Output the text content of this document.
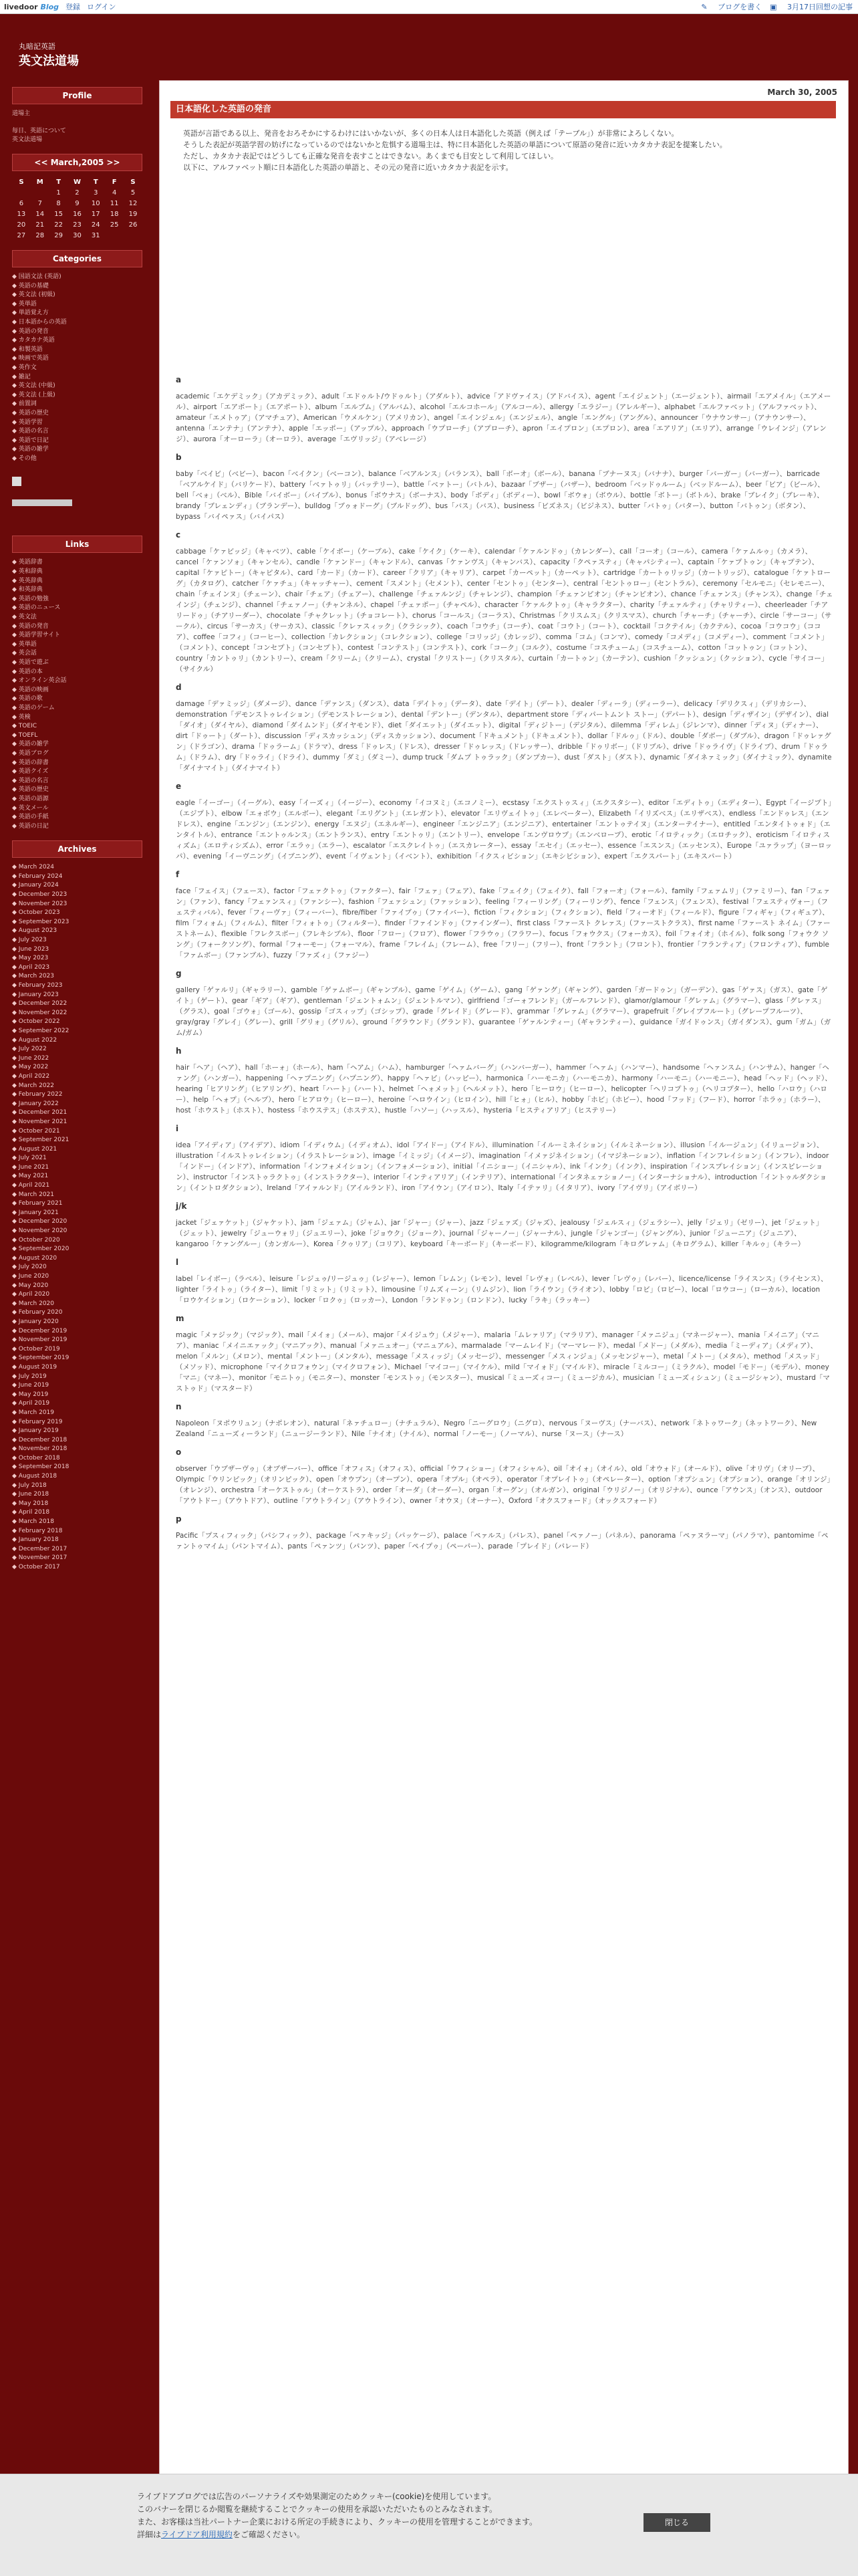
livedoor Blog 登録 ログイン	✎ ブログを書く ▣ 3月17日回想の記事
丸暗記英語
英文法道場
Profile
道場主
毎日、英語について
英文法道場
<< March,2005 >>
S	M	T	W	T	F	S
		1	2	3	4	5
6	7	8	9	10	11	12
13	14	15	16	17	18	19
20	21	22	23	24	25	26
27	28	29	30	31		
Categories
◆ 国語文法 (英語)
◆ 英語の基礎
◆ 英文法 (初級)
◆ 英単語
◆ 単語覚え方
◆ 日本語からの英語
◆ 英語の発音
◆ カタカナ英語
◆ 和製英語
◆ 映画で英語
◆ 英作文
◆ 雑記
◆ 英文法 (中級)
◆ 英文法 (上級)
◆ 前置詞
◆ 英語の歴史
◆ 英語学習
◆ 英語の名言
◆ 英語で日記
◆ 英語の雑学
◆ その他
Links
◆ 英語辞書
◆ 英和辞典
◆ 英英辞典
◆ 和英辞典
◆ 英語の勉強
◆ 英語のニュース
◆ 英文法
◆ 英語の発音
◆ 英語学習サイト
◆ 英単語
◆ 英会話
◆ 英語で遊ぶ
◆ 英語の本
◆ オンライン英会話
◆ 英語の映画
◆ 英語の歌
◆ 英語のゲーム
◆ 英検
◆ TOEIC
◆ TOEFL
◆ 英語の雑学
◆ 英語ブログ
◆ 英語の辞書
◆ 英語クイズ
◆ 英語の名言
◆ 英語の歴史
◆ 英語の語源
◆ 英文メール
◆ 英語の手紙
◆ 英語の日記
Archives
◆ March 2024
◆ February 2024
◆ January 2024
◆ December 2023
◆ November 2023
◆ October 2023
◆ September 2023
◆ August 2023
◆ July 2023
◆ June 2023
◆ May 2023
◆ April 2023
◆ March 2023
◆ February 2023
◆ January 2023
◆ December 2022
◆ November 2022
◆ October 2022
◆ September 2022
◆ August 2022
◆ July 2022
◆ June 2022
◆ May 2022
◆ April 2022
◆ March 2022
◆ February 2022
◆ January 2022
◆ December 2021
◆ November 2021
◆ October 2021
◆ September 2021
◆ August 2021
◆ July 2021
◆ June 2021
◆ May 2021
◆ April 2021
◆ March 2021
◆ February 2021
◆ January 2021
◆ December 2020
◆ November 2020
◆ October 2020
◆ September 2020
◆ August 2020
◆ July 2020
◆ June 2020
◆ May 2020
◆ April 2020
◆ March 2020
◆ February 2020
◆ January 2020
◆ December 2019
◆ November 2019
◆ October 2019
◆ September 2019
◆ August 2019
◆ July 2019
◆ June 2019
◆ May 2019
◆ April 2019
◆ March 2019
◆ February 2019
◆ January 2019
◆ December 2018
◆ November 2018
◆ October 2018
◆ September 2018
◆ August 2018
◆ July 2018
◆ June 2018
◆ May 2018
◆ April 2018
◆ March 2018
◆ February 2018
◆ January 2018
◆ December 2017
◆ November 2017
◆ October 2017
March 30, 2005
日本語化した英語の発音

英語が言語である以上、発音をおろそかにするわけにはいかないが、多くの日本人は日本語化した英語（例えば「テーブル」）が非常によろしくない。

そうした表記が英語学習の妨げになっているのではないかと危惧する道場主は、特に日本語化した英語の単語について原語の発音に近いカタカナ表記を提案したい。

ただし、カタカナ表記ではどうしても正確な発音を表すことはできない。あくまでも目安として利用してほしい。

以下に、アルファベット順に日本語化した英語の単語と、その元の発音に近いカタカナ表記を示す。

a
academic「エケデミック」（アカデミック）、adult「エドゥルト/ウドゥルト」（アダルト）、advice「アドヴァイス」（アドバイス）、agent「エイジェント」（エージェント）、airmail「エアメイル」（エアメール）、airport「エアポート」（エアポート）、album「エルブム」（アルバム）、alcohol「エルコホール」（アルコール）、allergy「エラジー」（アレルギー）、alphabet「エルファベット」（アルファベット）、amateur「エメトゥア」（アマチュア）、American「ウメルケン」（アメリカン）、angel「エインジェル」（エンジェル）、angle「エングル」（アングル）、announcer「ウナウンサー」（アナウンサー）、antenna「エンテナ」（アンテナ）、apple「エッポー」（アップル）、approach「ウプローチ」（アプローチ）、apron「エイプロン」（エプロン）、area「エアリア」（エリア）、arrange「ウレインジ」（アレンジ）、aurora「オーローラ」（オーロラ）、average「エヴリッジ」（アベレージ）
b
baby「ベイビ」（ベビー）、bacon「ベイクン」（ベーコン）、balance「ベアルンス」（バランス）、ball「ボーオ」（ボール）、banana「ブナーヌス」（バナナ）、burger「バーガー」（バーガー）、barricade「ベアルケイド」（バリケード）、battery「ベァトゥリ」（バッテリー）、battle「ベァトー」（バトル）、bazaar「ブザー」（バザー）、bedroom「ベッドゥルーム」（ベッドルーム）、beer「ビア」（ビール）、bell「ベォ」（ベル）、Bible「バイボー」（バイブル）、bonus「ボウナス」（ボーナス）、body「ボディ」（ボディー）、bowl「ボウォ」（ボウル）、bottle「ボトー」（ボトル）、brake「ブレイク」（ブレーキ）、brandy「ブレェンディ」（ブランデー）、bulldog「ブゥォドーグ」（ブルドッグ）、bus「バス」（バス）、business「ビズネス」（ビジネス）、butter「バトゥ」（バター）、button「バトゥン」（ボタン）、bypass「バイペァス」（バイパス）
c
cabbage「ケァビッジ」（キャベツ）、cable「ケイボー」（ケーブル）、cake「ケイク」（ケーキ）、calendar「ケァルンドゥ」（カレンダー）、call「コーオ」（コール）、camera「ケァムルゥ」（カメラ）、cancel「ケァンソォ」（キャンセル）、candle「ケァンドー」（キャンドル）、canvas「ケァンヴス」（キャンバス）、capacity「クペァスティ」（キャパシティー）、captain「ケァプトゥン」（キャプテン）、capital「ケァピトー」（キャピタル）、card「カード」（カード）、career「クリア」（キャリア）、carpet「カーペット」（カーペット）、cartridge「カートゥリッジ」（カートリッジ）、catalogue「ケァトローグ」（カタログ）、catcher「ケァチュ」（キャッチャー）、cement「スメント」（セメント）、center「セントゥ」（センター）、central「セントゥロー」（セントラル）、ceremony「セルモニ」（セレモニー）、chain「チェインヌ」（チェーン）、chair「チェア」（チェアー）、challenge「チェァルンジ」（チャレンジ）、champion「チェァンピオン」（チャンピオン）、chance「チェァンス」（チャンス）、change「チェインジ」（チェンジ）、channel「チェァノー」（チャンネル）、chapel「チェァポー」（チャペル）、character「ケァルクトゥ」（キャラクター）、charity「チェァルティ」（チャリティー）、cheerleader「チアリードゥ」（チアリーダー）、chocolate「チャクレット」（チョコレート）、chorus「コールス」（コーラス）、Christmas「クリスムス」（クリスマス）、church「チャーチ」（チャーチ）、circle「サーコー」（サークル）、circus「サーカス」（サーカス）、classic「クレァスィック」（クラシック）、coach「コウチ」（コーチ）、coat「コウト」（コート）、cocktail「コクテイル」（カクテル）、cocoa「コウコウ」（ココア）、coffee「コフィ」（コーヒー）、collection「カレクション」（コレクション）、college「コリッジ」（カレッジ）、comma「コム」（コンマ）、comedy「コメディ」（コメディー）、comment「コメント」（コメント）、concept「コンセプト」（コンセプト）、contest「コンテスト」（コンテスト）、cork「コーク」（コルク）、costume「コスチューム」（コスチューム）、cotton「コットゥン」（コットン）、country「カントゥリ」（カントリー）、cream「クリーム」（クリーム）、crystal「クリストー」（クリスタル）、curtain「カートゥン」（カーテン）、cushion「クッシュン」（クッション）、cycle「サイコー」（サイクル）
d
damage「デァミッジ」（ダメージ）、dance「デァンス」（ダンス）、data「デイトゥ」（データ）、date「デイト」（デート）、dealer「ディーラ」（ディーラー）、delicacy「デリクスィ」（デリカシー）、demonstration「デモンストゥレイション」（デモンストレーション）、dental「デントー」（デンタル）、department store「ディパートムント ストー」（デパート）、design「ディザイン」（デザイン）、dial「ダイオ」（ダイヤル）、diamond「ダイムンド」（ダイヤモンド）、diet「ダイエット」（ダイエット）、digital「ディジトー」（デジタル）、dilemma「ディレム」（ジレンマ）、dinner「ディヌ」（ディナー）、dirt「ドゥート」（ダート）、discussion「ディスカッシュン」（ディスカッション）、document「ドキュメント」（ドキュメント）、dollar「ドルゥ」（ドル）、double「ダボー」（ダブル）、dragon「ドゥレァグン」（ドラゴン）、drama「ドゥラーム」（ドラマ）、dress「ドゥレス」（ドレス）、dresser「ドゥレッス」（ドレッサー）、dribble「ドゥリボー」（ドリブル）、drive「ドゥライヴ」（ドライブ）、drum「ドゥラム」（ドラム）、dry「ドゥライ」（ドライ）、dummy「ダミ」（ダミー）、dump truck「ダムプ トゥラック」（ダンプカー）、dust「ダスト」（ダスト）、dynamic「ダイネァミック」（ダイナミック）、dynamite「ダイナマイト」（ダイナマイト）
e
eagle「イーゴー」（イーグル）、easy「イーズィ」（イージー）、economy「イコヌミ」（エコノミー）、ecstasy「エクストゥスィ」（エクスタシー）、editor「エディトゥ」（エディター）、Egypt「イージプト」（エジプト）、elbow「エォボウ」（エルボー）、elegant「エリグント」（エレガント）、elevator「エリヴェイトゥ」（エレベーター）、Elizabeth「イリズベス」（エリザベス）、endless「エンドゥレス」（エンドレス）、engine「エンジン」（エンジン）、energy「エヌジ」（エネルギー）、engineer「エンジニア」（エンジニア）、entertainer「エントゥテイヌ」（エンターテイナー）、entitled「エンタイトゥォド」（エンタイトル）、entrance「エントゥルンス」（エントランス）、entry「エントゥリ」（エントリー）、envelope「エンヴロウプ」（エンベロープ）、erotic「イロティック」（エロチック）、eroticism「イロティスィズム」（エロティシズム）、error「エラゥ」（エラー）、escalator「エスクレイトゥ」（エスカレーター）、essay「エセイ」（エッセー）、essence「エスンス」（エッセンス）、Europe「ユァラップ」（ヨーロッパ）、evening「イーヴニング」（イブニング）、event「イヴェント」（イベント）、exhibition「イクスィビション」（エキシビション）、expert「エクスパート」（エキスパート）
f
face「フェイス」（フェース）、factor「フェァクトゥ」（ファクター）、fair「フェァ」（フェア）、fake「フェイク」（フェイク）、fall「フォーオ」（フォール）、family「フェァムリ」（ファミリー）、fan「フェァン」（ファン）、fancy「フェァンスィ」（ファンシー）、fashion「フェァシュン」（ファッション）、feeling「フィーリング」（フィーリング）、fence「フェンス」（フェンス）、festival「フェスティヴォー」（フェスティバル）、fever「フィーヴァ」（フィーバー）、fibre/fiber「ファイブゥ」（ファイバー）、fiction「フィクション」（フィクション）、field「フィーオド」（フィールド）、figure「フィギャ」（フィギュア）、film「フィォム」（フィルム）、filter「フィォトゥ」（フィルター）、finder「ファインドゥ」（ファインダー）、first class「ファースト クレァス」（ファーストクラス）、first name「ファースト ネイム」（ファーストネーム）、flexible「フレクスボー」（フレキシブル）、floor「フロー」（フロア）、flower「フラウゥ」（フラワー）、focus「フォウクス」（フォーカス）、foil「フォイオ」（ホイル）、folk song「フォウク ソング」（フォークソング）、formal「フォーモー」（フォーマル）、frame「フレイム」（フレーム）、free「フリー」（フリー）、front「フラント」（フロント）、frontier「フランティア」（フロンティア）、fumble「ファムボー」（ファンブル）、fuzzy「ファズィ」（ファジー）
g
gallery「ゲァルリ」（ギャラリー）、gamble「ゲァムボー」（ギャンブル）、game「ゲイム」（ゲーム）、gang「ゲァング」（ギャング）、garden「ガードゥン」（ガーデン）、gas「ゲァス」（ガス）、gate「ゲイト」（ゲート）、gear「ギア」（ギア）、gentleman「ジェントォムン」（ジェントルマン）、girlfriend「ゴーォフレンド」（ガールフレンド）、glamor/glamour「グレァム」（グラマー）、glass「グレァス」（グラス）、goal「ゴウォ」（ゴール）、gossip「ゴスィップ」（ゴシップ）、grade「グレイド」（グレード）、grammar「グレァム」（グラマー）、grapefruit「グレイプフルート」（グレープフルーツ）、gray/gray「グレイ」（グレー）、grill「グリォ」（グリル）、ground「グラウンド」（グランド）、guarantee「ゲァルンティー」（ギャランティー）、guidance「ガイドゥンス」（ガイダンス）、gum「ガム」（ガム/ガム）
h
hair「ヘア」（ヘア）、hall「ホーォ」（ホール）、ham「ヘアム」（ハム）、hamburger「ヘァムバーグ」（ハンバーガー）、hammer「ヘァム」（ハンマー）、handsome「ヘァンスム」（ハンサム）、hanger「ヘァング」（ハンガー）、happening「ヘァプニング」（ハプニング）、happy「ヘァピ」（ハッピー）、harmonica「ハーモニカ」（ハーモニカ）、harmony「ハーモニ」（ハーモニー）、head「ヘッド」（ヘッド）、hearing「ヒアリング」（ヒアリング）、heart「ハート」（ハート）、helmet「ヘォメット」（ヘルメット）、hero「ヒーロウ」（ヒーロー）、helicopter「ヘリコプトゥ」（ヘリコプター）、hello「ハロウ」（ハロー）、help「ヘォプ」（ヘルプ）、hero「ヒアロウ」（ヒーロー）、heroine「ヘロウイン」（ヒロイン）、hill「ヒォ」（ヒル）、hobby「ホビ」（ホビー）、hood「フッド」（フード）、horror「ホラゥ」（ホラー）、host「ホウスト」（ホスト）、hostess「ホウステス」（ホステス）、hustle「ハソー」（ハッスル）、hysteria「ヒスティアリア」（ヒステリー）
i
idea「アイディア」（アイデア）、idiom「イディウム」（イディオム）、idol「アイドー」（アイドル）、illumination「イルーミネイション」（イルミネーション）、illusion「イルージュン」（イリュージョン）、illustration「イルストゥレイション」（イラストレーション）、image「イミッジ」（イメージ）、imagination「イメァジネイション」（イマジネーション）、inflation「インフレイション」（インフレ）、indoor「インドー」（インドア）、information「インフォメイション」（インフォメーション）、initial「イニショー」（イニシャル）、ink「インク」（インク）、inspiration「インスプレイション」（インスピレーション）、instructor「インストゥラクトゥ」（インストラクター）、interior「インティアリア」（インテリア）、international「インタネェァショノー」（インターナショナル）、introduction「イントゥルダクション」（イントロダクション）、Ireland「アイァルンド」（アイルランド）、iron「アイウン」（アイロン）、Italy「イテァリ」（イタリア）、ivory「アイヴリ」（アイボリー）
j/k
jacket「ジェァケット」（ジャケット）、jam「ジェァム」（ジャム）、jar「ジャー」（ジャー）、jazz「ジェァズ」（ジャズ）、jealousy「ジェルスィ」（ジェラシー）、jelly「ジェリ」（ゼリー）、jet「ジェット」（ジェット）、jewelry「ジューウォリ」（ジュエリー）、joke「ジョウク」（ジョーク）、journal「ジャーノー」（ジャーナル）、jungle「ジャンゴー」（ジャングル）、junior「ジューニア」（ジュニア）、kangaroo「ケァングルー」（カンガルー）、Korea「クゥリア」（コリア）、keyboard「キーボード」（キーボード）、kilogramme/kilogram「キログレァム」（キログラム）、killer「キルゥ」（キラー）
l
label「レイボー」（ラベル）、leisure「レジュゥ/リージュゥ」（レジャー）、lemon「レムン」（レモン）、level「レヴォ」（レベル）、lever「レヴゥ」（レバー）、licence/license「ライスンス」（ライセンス）、lighter「ライトゥ」（ライター）、limit「リミット」（リミット）、limousine「リムズィーン」（リムジン）、lion「ライウン」（ライオン）、lobby「ロビ」（ロビー）、local「ロウコー」（ローカル）、location「ロウケイション」（ロケーション）、locker「ロクゥ」（ロッカー）、London「ランドゥン」（ロンドン）、lucky「ラキ」（ラッキー）
m
magic「メァジック」（マジック）、mail「メイォ」（メール）、major「メイジュウ」（メジャー）、malaria「ムレァリア」（マラリア）、manager「メァニジュ」（マネージャー）、mania「メイニア」（マニア）、maniac「メイニエァック」（マニアック）、manual「メァニュオー」（マニュアル）、marmalade「マームレイド」（マーマレード）、medal「メドー」（メダル）、media「ミーディア」（メディア）、melon「メルン」（メロン）、mental「メントー」（メンタル）、message「メスィッジ」（メッセージ）、messenger「メスィンジュ」（メッセンジャー）、metal「メトー」（メタル）、method「メスッド」（メソッド）、microphone「マイクロフォウン」（マイクロフォン）、Michael「マイコー」（マイケル）、mild「マイォド」（マイルド）、miracle「ミルコー」（ミラクル）、model「モドー」（モデル）、money「マニ」（マネー）、monitor「モニトゥ」（モニター）、monster「モンストゥ」（モンスター）、musical「ミューズィコー」（ミュージカル）、musician「ミューズィシュン」（ミュージシャン）、mustard「マストゥド」（マスタード）
n
Napoleon「ヌポウリュン」（ナポレオン）、natural「ネァチュロー」（ナチュラル）、Negro「ニーグロウ」（ニグロ）、nervous「ヌーヴス」（ナーバス）、network「ネトゥワーク」（ネットワーク）、New Zealand「ニューズィーランド」（ニュージーランド）、Nile「ナイオ」（ナイル）、normal「ノーモー」（ノーマル）、nurse「ヌース」（ナース）
o
observer「ウブザーヴゥ」（オブザーバー）、office「オフィス」（オフィス）、official「ウフィショー」（オフィシャル）、oil「オイォ」（オイル）、old「オウォド」（オールド）、olive「オリヴ」（オリーブ）、Olympic「ウリンピック」（オリンピック）、open「オウプン」（オープン）、opera「オプル」（オペラ）、operator「オプレイトゥ」（オペレーター）、option「オプシュン」（オプション）、orange「オリンジ」（オレンジ）、orchestra「オーケストゥル」（オーケストラ）、order「オーダ」（オーダー）、organ「オーグン」（オルガン）、original「ウリジノー」（オリジナル）、ounce「アウンス」（オンス）、outdoor「アウトドー」（アウトドア）、outline「アウトライン」（アウトライン）、owner「オウヌ」（オーナー）、Oxford「オクスフォード」（オックスフォード）
p
Pacific「プスィフィック」（パシフィック）、package「ペァキッジ」（パッケージ）、palace「ペァルス」（パレス）、panel「ペァノー」（パネル）、panorama「ペァヌラーマ」（パノラマ）、pantomime「ペァントゥマイム」（パントマイム）、pants「ペァンツ」（パンツ）、paper「ペイプゥ」（ペーパー）、parade「プレイド」（パレード）
ライブドアブログでは広告のパーソナライズや効果測定のためクッキー(cookie)を使用しています。
このバナーを閉じるか閲覧を継続することでクッキーの使用を承認いただいたものとみなされます。
また、お客様は当社パートナー企業における所定の手続きにより、クッキーの使用を管理することができます。
詳細はライブドア利用規約をご確認ください。
閉じる
